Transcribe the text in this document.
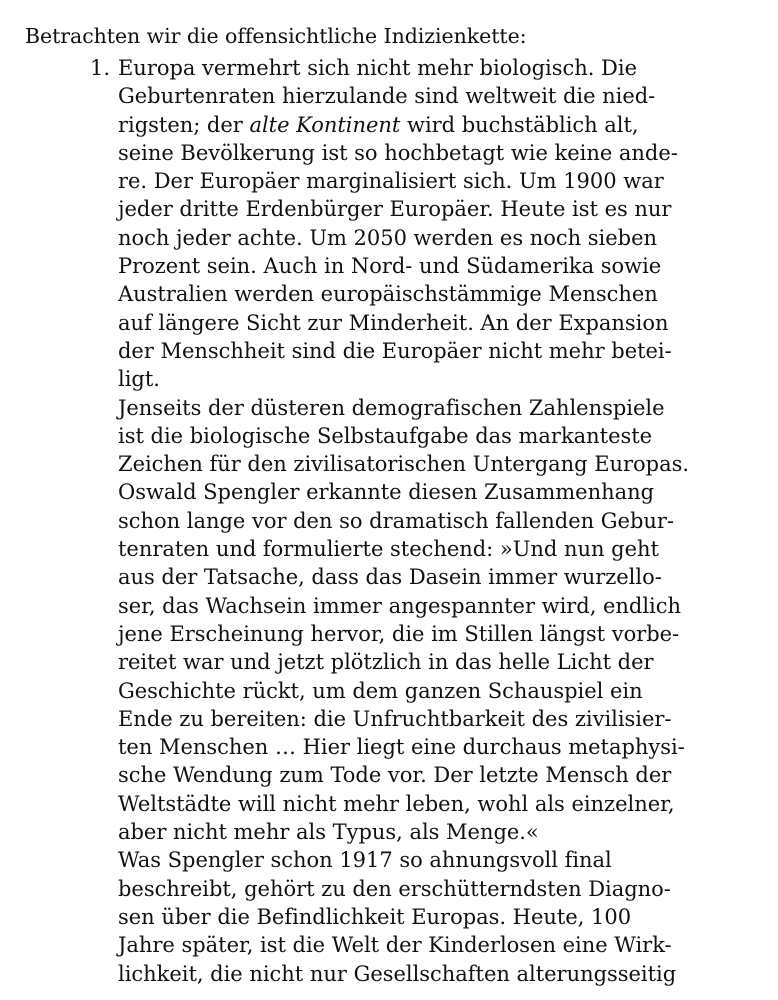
Betrachten wir die offensichtliche Indizienkette:
1. Europa vermehrt sich nicht mehr biologisch. Die
Geburtenraten hierzulande sind weltweit die nied-
rigsten; der alte Kontinent wird buchstäblich alt,
seine Bevölkerung ist so hochbetagt wie keine ande-
re. Der Europäer marginalisiert sich. Um 1900 war
jeder dritte Erdenbürger Europäer. Heute ist es nur
noch jeder achte. Um 2050 werden es noch sieben
Prozent sein. Auch in Nord- und Südamerika sowie
Australien werden europäischstämmige Menschen
auf längere Sicht zur Minderheit. An der Expansion
der Menschheit sind die Europäer nicht mehr betei-
ligt.
Jenseits der düsteren demografischen Zahlenspiele
ist die biologische Selbstaufgabe das markanteste
Zeichen für den zivilisatorischen Untergang Europas.
Oswald Spengler erkannte diesen Zusammenhang
schon lange vor den so dramatisch fallenden Gebur-
tenraten und formulierte stechend: »Und nun geht
aus der Tatsache, dass das Dasein immer wurzello-
ser, das Wachsein immer angespannter wird, endlich
jene Erscheinung hervor, die im Stillen längst vorbe-
reitet war und jetzt plötzlich in das helle Licht der
Geschichte rückt, um dem ganzen Schauspiel ein
Ende zu bereiten: die Unfruchtbarkeit des zivilisier-
ten Menschen … Hier liegt eine durchaus metaphysi-
sche Wendung zum Tode vor. Der letzte Mensch der
Weltstädte will nicht mehr leben, wohl als einzelner,
aber nicht mehr als Typus, als Menge.«
Was Spengler schon 1917 so ahnungsvoll final
beschreibt, gehört zu den erschütterndsten Diagno-
sen über die Befindlichkeit Europas. Heute, 100
Jahre später, ist die Welt der Kinderlosen eine Wirk-
lichkeit, die nicht nur Gesellschaften alterungsseitig
